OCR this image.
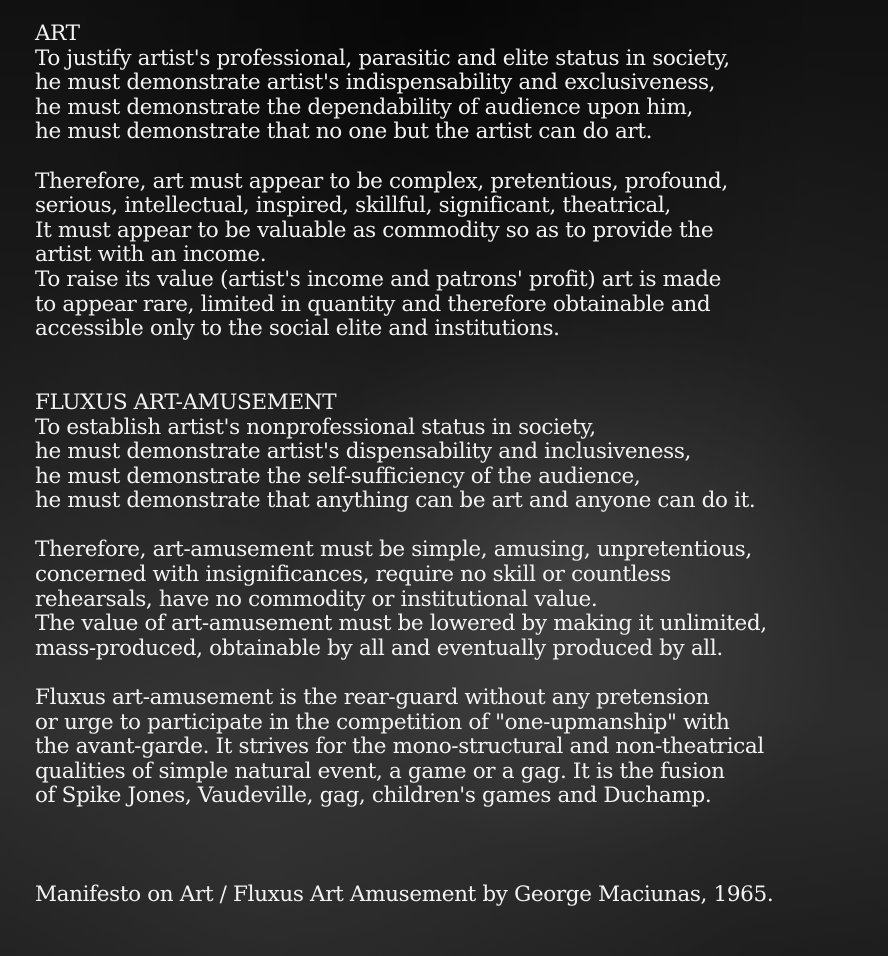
ART
To justify artist's professional, parasitic and elite status in society,
he must demonstrate artist's indispensability and exclusiveness,
he must demonstrate the dependability of audience upon him,
he must demonstrate that no one but the artist can do art.
Therefore, art must appear to be complex, pretentious, profound,
serious, intellectual, inspired, skillful, significant, theatrical,
It must appear to be valuable as commodity so as to provide the
artist with an income.
To raise its value (artist's income and patrons' profit) art is made
to appear rare, limited in quantity and therefore obtainable and
accessible only to the social elite and institutions.
FLUXUS ART-AMUSEMENT
To establish artist's nonprofessional status in society,
he must demonstrate artist's dispensability and inclusiveness,
he must demonstrate the self-sufficiency of the audience,
he must demonstrate that anything can be art and anyone can do it.
Therefore, art-amusement must be simple, amusing, unpretentious,
concerned with insignificances, require no skill or countless
rehearsals, have no commodity or institutional value.
The value of art-amusement must be lowered by making it unlimited,
mass-produced, obtainable by all and eventually produced by all.
Fluxus art-amusement is the rear-guard without any pretension
or urge to participate in the competition of "one-upmanship" with
the avant-garde. It strives for the mono-structural and non-theatrical
qualities of simple natural event, a game or a gag. It is the fusion
of Spike Jones, Vaudeville, gag, children's games and Duchamp.
Manifesto on Art / Fluxus Art Amusement by George Maciunas, 1965.
